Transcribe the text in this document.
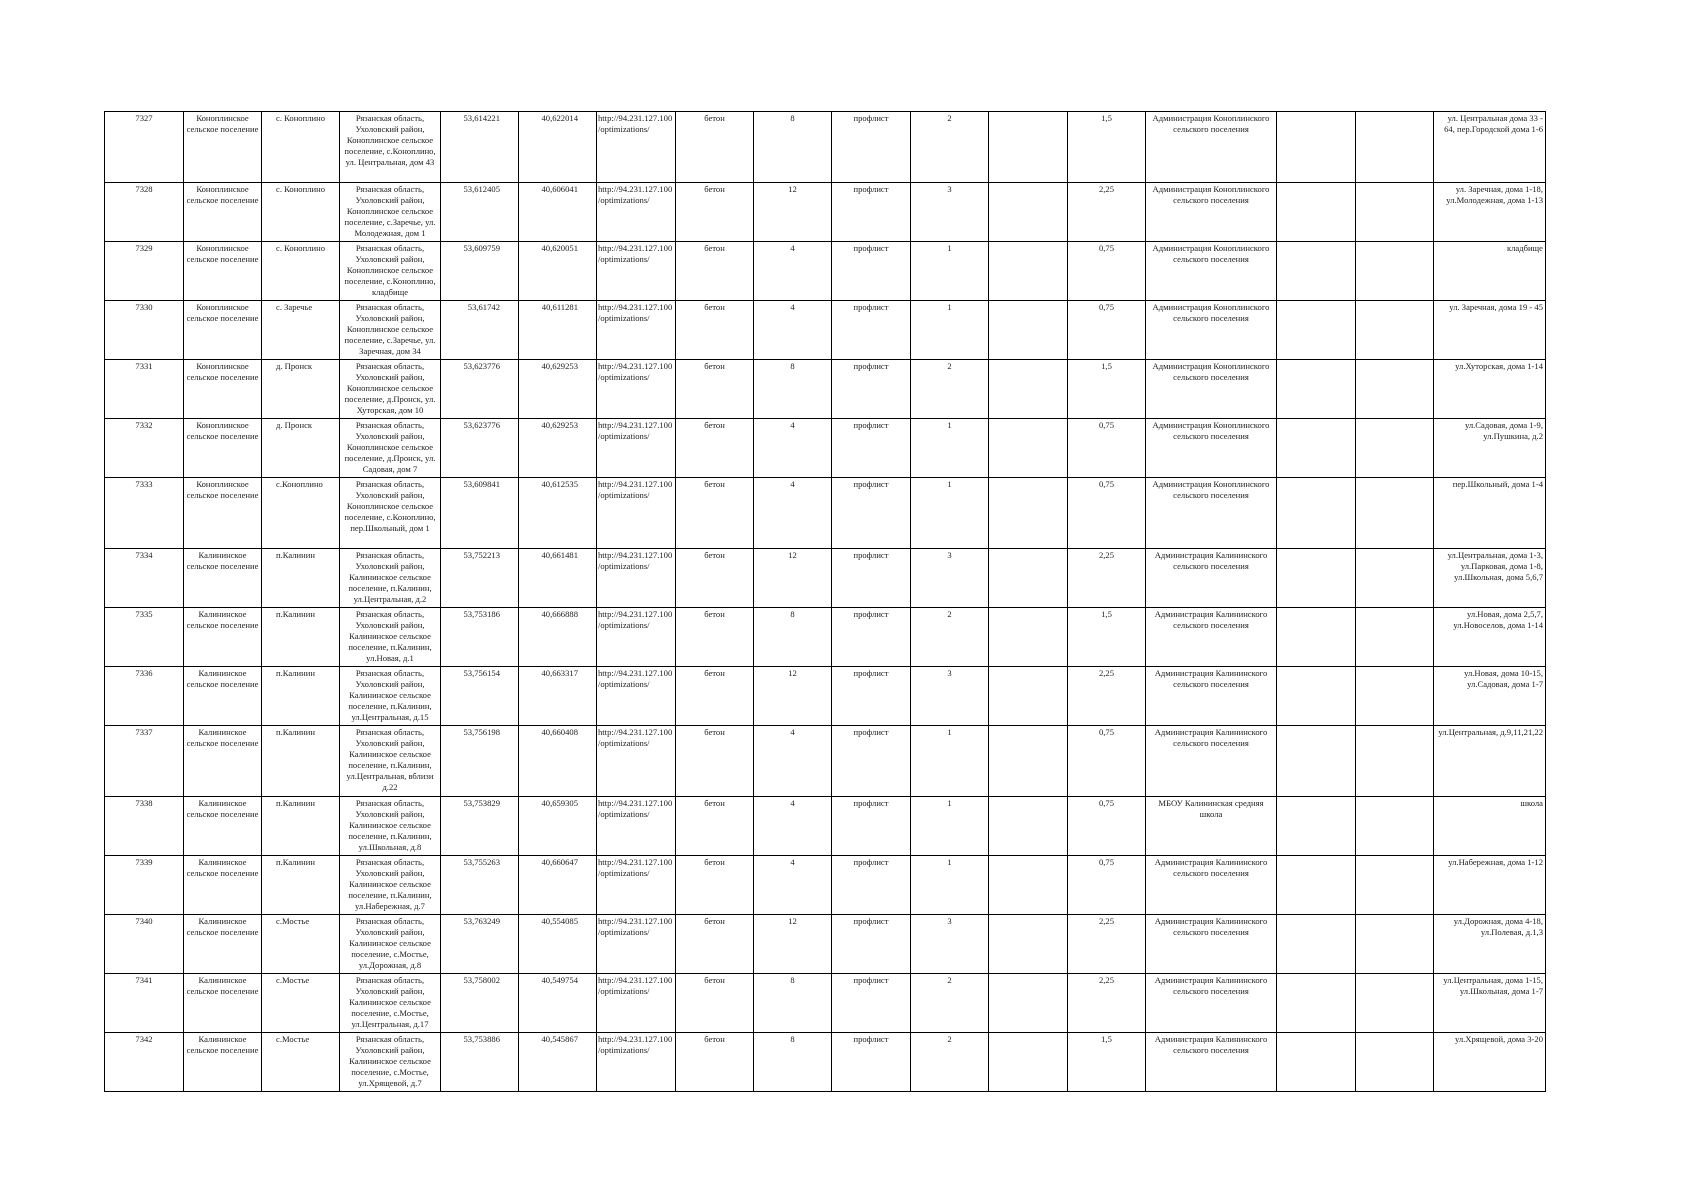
7327	Коноплинское сельское поселение	с. Коноплино	Рязанская область, Ухоловский район, Коноплинское сельское поселение, с.Коноплино, ул. Центральная, дом 43	53,614221	40,622014	http://94.231.127.100/optimizations/	бетон	8	профлист	2		1,5	Администрация Коноплинского сельского поселения			ул. Центральная дома 33 - 64, пер.Городской дома 1-6
7328	Коноплинское сельское поселение	с. Коноплино	Рязанская область, Ухоловский район, Коноплинское сельское поселение, с.Заречье, ул. Молодежная, дом 1	53,612405	40,606041	http://94.231.127.100/optimizations/	бетон	12	профлист	3		2,25	Администрация Коноплинского сельского поселения			ул. Заречная, дома 1-18, ул.Молодежная, дома 1-13
7329	Коноплинское сельское поселение	с. Коноплино	Рязанская область, Ухоловский район, Коноплинское сельское поселение, с.Коноплино, кладбище	53,609759	40,620051	http://94.231.127.100/optimizations/	бетон	4	профлист	1		0,75	Администрация Коноплинского сельского поселения			кладбище
7330	Коноплинское сельское поселение	с. Заречье	Рязанская область, Ухоловский район, Коноплинское сельское поселение, с.Заречье, ул. Заречная, дом 34	53,61742	40,611281	http://94.231.127.100/optimizations/	бетон	4	профлист	1		0,75	Администрация Коноплинского сельского поселения			ул. Заречная, дома 19 - 45
7331	Коноплинское сельское поселение	д. Пронск	Рязанская область, Ухоловский район, Коноплинское сельское поселение, д.Пронск, ул. Хуторская, дом 10	53,623776	40,629253	http://94.231.127.100/optimizations/	бетон	8	профлист	2		1,5	Администрация Коноплинского сельского поселения			ул.Хуторская, дома 1-14
7332	Коноплинское сельское поселение	д. Пронск	Рязанская область, Ухоловский район, Коноплинское сельское поселение, д.Пронск, ул. Садовая, дом 7	53,623776	40,629253	http://94.231.127.100/optimizations/	бетон	4	профлист	1		0,75	Администрация Коноплинского сельского поселения			ул.Садовая, дома 1-9, ул.Пушкина, д.2
7333	Коноплинское сельское поселение	с.Коноплино	Рязанская область, Ухоловский район, Коноплинское сельское поселение, с.Коноплино, пер.Школьный, дом 1	53,609841	40,612535	http://94.231.127.100/optimizations/	бетон	4	профлист	1		0,75	Администрация Коноплинского сельского поселения			пер.Школьный, дома 1-4
7334	Калининское сельское поселение	п.Калинин	Рязанская область, Ухоловский район, Калининское сельское поселение, п.Калинин, ул.Центральная, д.2	53,752213	40,661481	http://94.231.127.100/optimizations/	бетон	12	профлист	3		2,25	Администрация Калининского сельского поселения			ул.Центральная, дома 1-3, ул.Парковая, дома 1-8, ул.Школьная, дома 5,6,7
7335	Калининское сельское поселение	п.Калинин	Рязанская область, Ухоловский район, Калининское сельское поселение, п.Калинин, ул.Новая, д.1	53,753186	40,666888	http://94.231.127.100/optimizations/	бетон	8	профлист	2		1,5	Администрация Калининского сельского поселения			ул.Новая, дома 2,5,7, ул.Новоселов, дома 1-14
7336	Калининское сельское поселение	п.Калинин	Рязанская область, Ухоловский район, Калининское сельское поселение, п.Калинин, ул.Центральная, д.15	53,756154	40,663317	http://94.231.127.100/optimizations/	бетон	12	профлист	3		2,25	Администрация Калининского сельского поселения			ул.Новая, дома 10-15, ул.Садовая, дома 1-7
7337	Калининское сельское поселение	п.Калинин	Рязанская область, Ухоловский район, Калининское сельское поселение, п.Калинин, ул.Центральная, вблизи д.22	53,756198	40,660408	http://94.231.127.100/optimizations/	бетон	4	профлист	1		0,75	Администрация Калининского сельского поселения			ул.Центральная, д.9,11,21,22
7338	Калининское сельское поселение	п.Калинин	Рязанская область, Ухоловский район, Калининское сельское поселение, п.Калинин, ул.Школьная, д.8	53,753829	40,659305	http://94.231.127.100/optimizations/	бетон	4	профлист	1		0,75	МБОУ Калининская средняя школа			школа
7339	Калининское сельское поселение	п.Калинин	Рязанская область, Ухоловский район, Калининское сельское поселение, п.Калинин, ул.Набережная, д.7	53,755263	40,660647	http://94.231.127.100/optimizations/	бетон	4	профлист	1		0,75	Администрация Калининского сельского поселения			ул.Набережная, дома 1-12
7340	Калининское сельское поселение	с.Мостье	Рязанская область, Ухоловский район, Калининское сельское поселение, с.Мостье, ул.Дорожная, д.8	53,763249	40,554085	http://94.231.127.100/optimizations/	бетон	12	профлист	3		2,25	Администрация Калининского сельского поселения			ул.Дорожная, дома 4-18, ул.Полевая, д.1,3
7341	Калининское сельское поселение	с.Мостье	Рязанская область, Ухоловский район, Калининское сельское поселение, с.Мостье, ул.Центральная, д.17	53,758002	40,549754	http://94.231.127.100/optimizations/	бетон	8	профлист	2		2,25	Администрация Калининского сельского поселения			ул.Центральная, дома 1-15, ул.Школьная, дома 1-7
7342	Калининское сельское поселение	с.Мостье	Рязанская область, Ухоловский район, Калининское сельское поселение, с.Мостье, ул.Хрящевой, д.7	53,753886	40,545867	http://94.231.127.100/optimizations/	бетон	8	профлист	2		1,5	Администрация Калининского сельского поселения			ул.Хрящевой, дома 3-20
